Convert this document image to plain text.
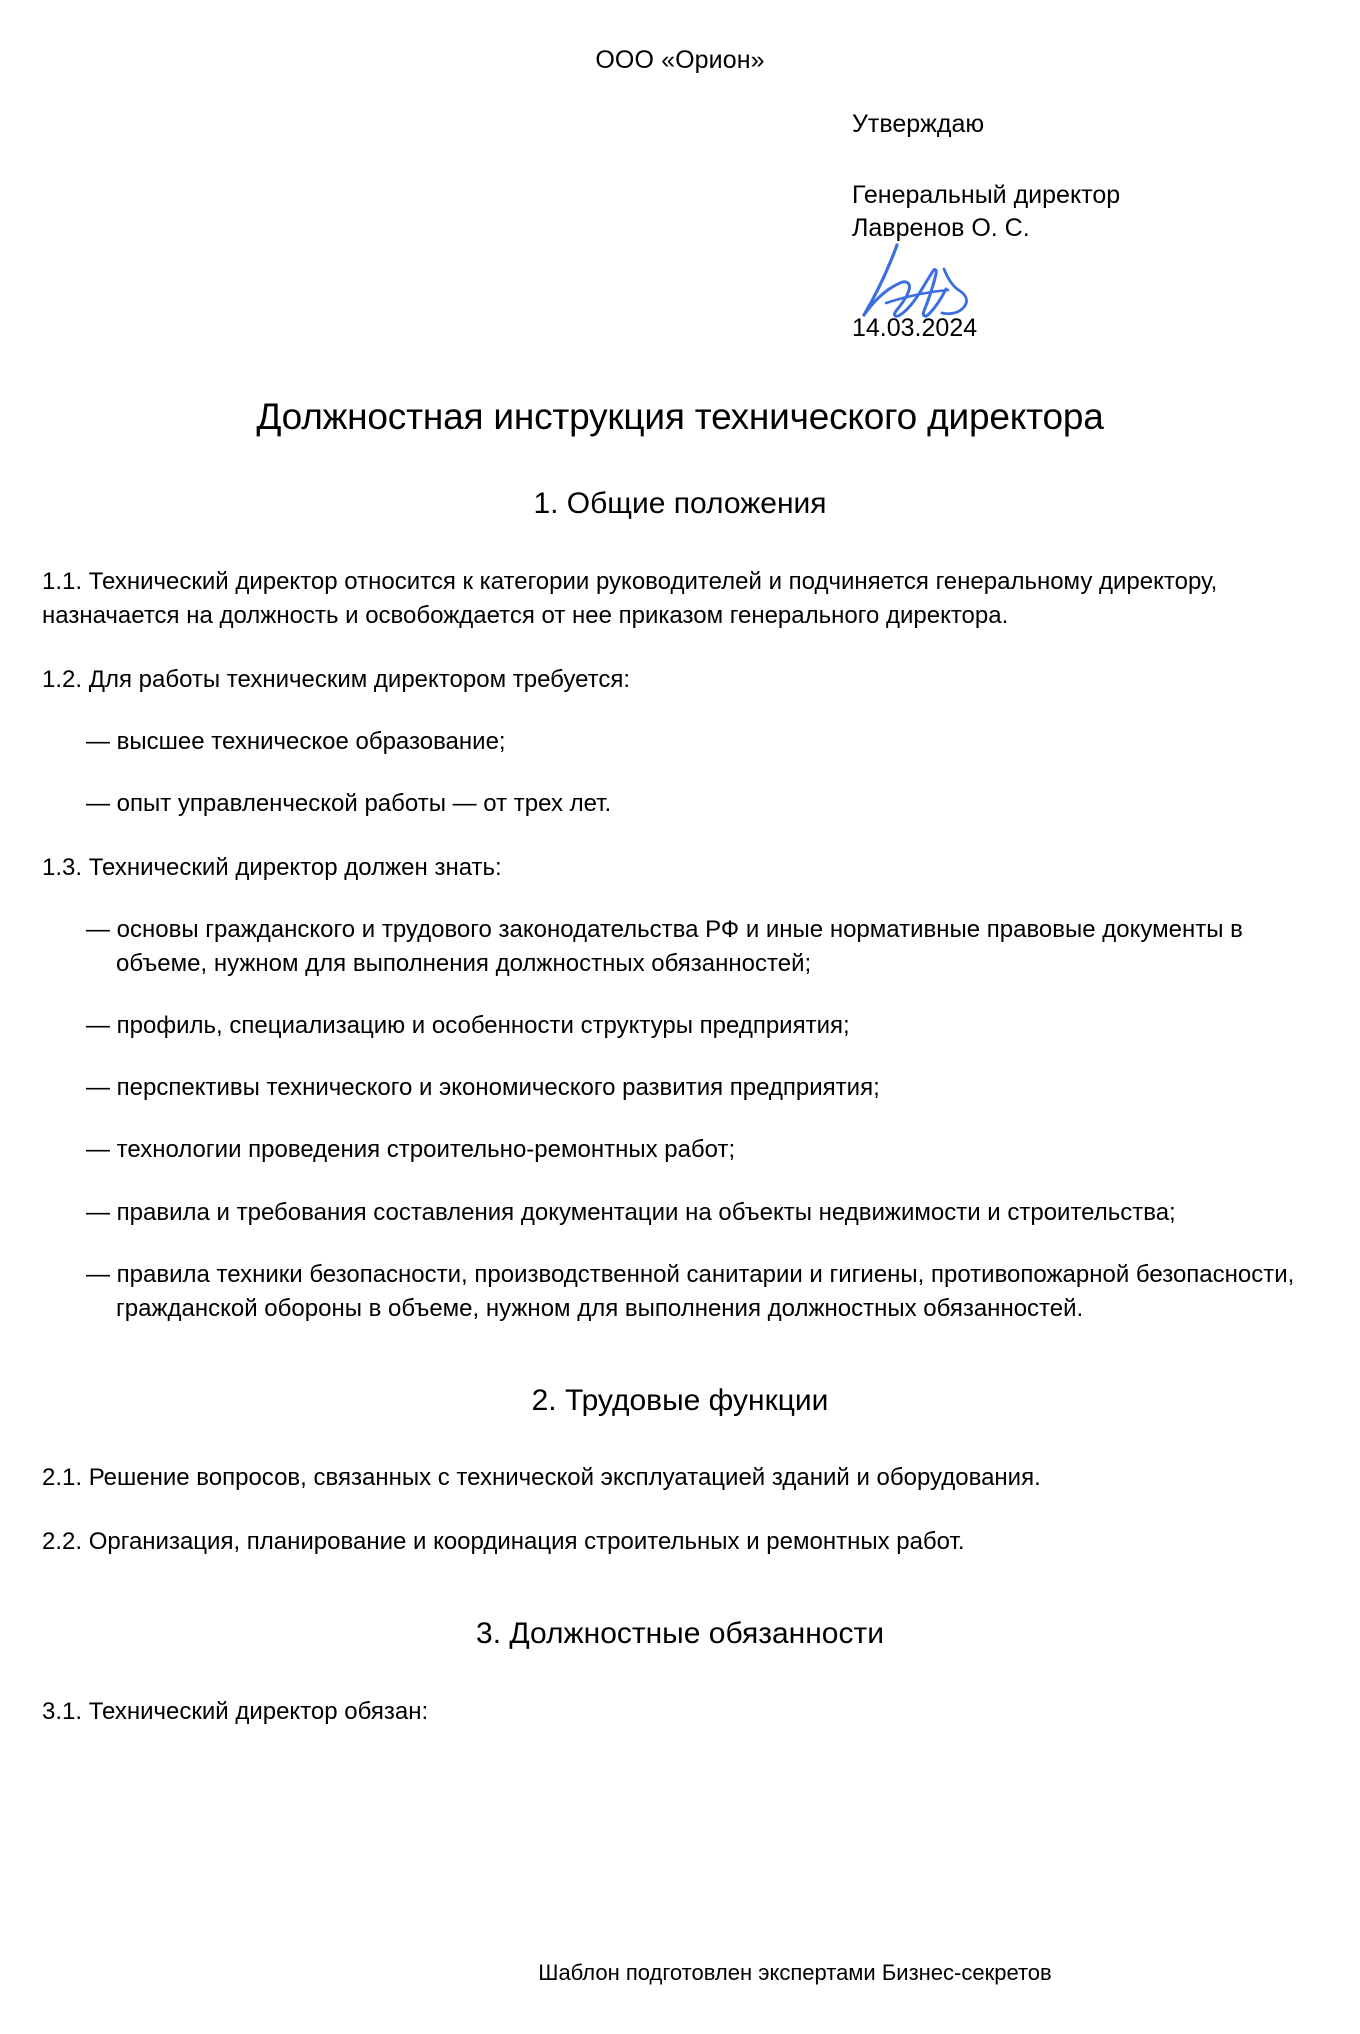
ООО «Орион»
Утверждаю
Генеральный директор
Лавренов О. С.
14.03.2024
Должностная инструкция технического директора
1. Общие положения

1.1. Технический директор относится к категории руководителей и подчиняется генеральному директору, назначается на должность и освобождается от нее приказом генерального директора.

1.2. Для работы техническим директором требуется:

— высшее техническое образование;

— опыт управленческой работы — от трех лет.

1.3. Технический директор должен знать:

— основы гражданского и трудового законодательства РФ и иные нормативные правовые документы в объеме, нужном для выполнения должностных обязанностей;

— профиль, специализацию и особенности структуры предприятия;

— перспективы технического и экономического развития предприятия;

— технологии проведения строительно-ремонтных работ;

— правила и требования составления документации на объекты недвижимости и строительства;

— правила техники безопасности, производственной санитарии и гигиены, противопожарной безопасности, гражданской обороны в объеме, нужном для выполнения должностных обязанностей.

2. Трудовые функции

2.1. Решение вопросов, связанных с технической эксплуатацией зданий и оборудования.

2.2. Организация, планирование и координация строительных и ремонтных работ.

3. Должностные обязанности

3.1. Технический директор обязан:

Шаблон подготовлен экспертами Бизнес-секретов
